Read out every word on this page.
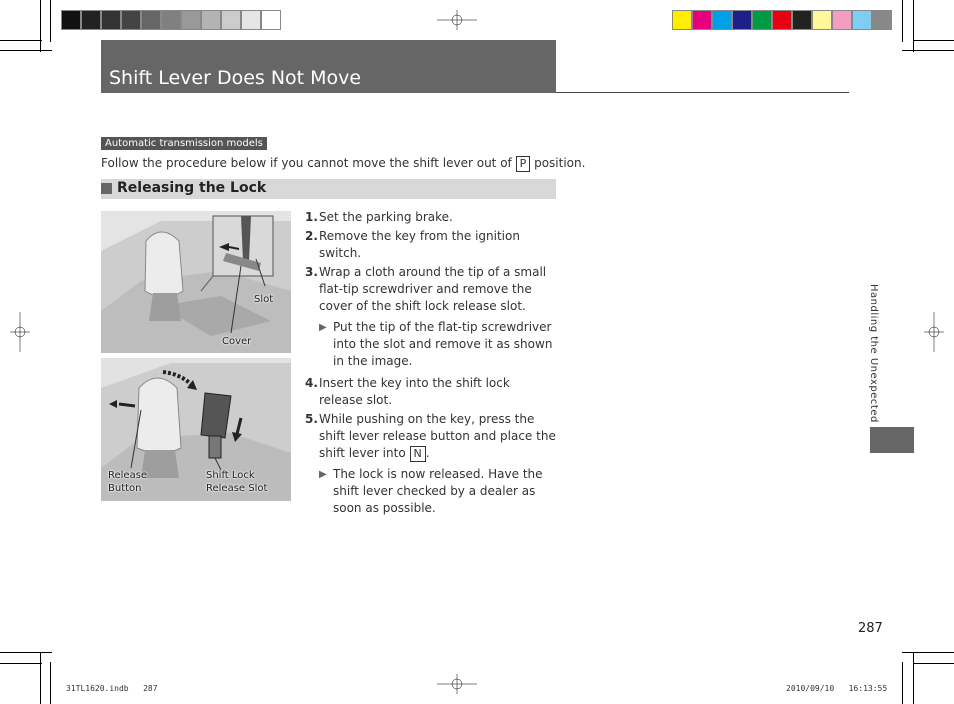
Shift Lever Does Not Move
Automatic transmission models
Follow the procedure below if you cannot move the shift lever out of P position.
Releasing the Lock
Slot
Cover
Release
Button
Shift Lock
Release Slot
1. Set the parking brake.
2. Remove the key from the ignition switch.
3. Wrap a cloth around the tip of a small flat-tip screwdriver and remove the cover of the shift lock release slot.
▶ Put the tip of the flat-tip screwdriver into the slot and remove it as shown in the image.
4. Insert the key into the shift lock release slot.
5. While pushing on the key, press the shift lever release button and place the shift lever into N .
▶ The lock is now released. Have the shift lever checked by a dealer as soon as possible.
Handling the Unexpected
287
31TL1620.indb   287	2010/09/10   16:13:55
